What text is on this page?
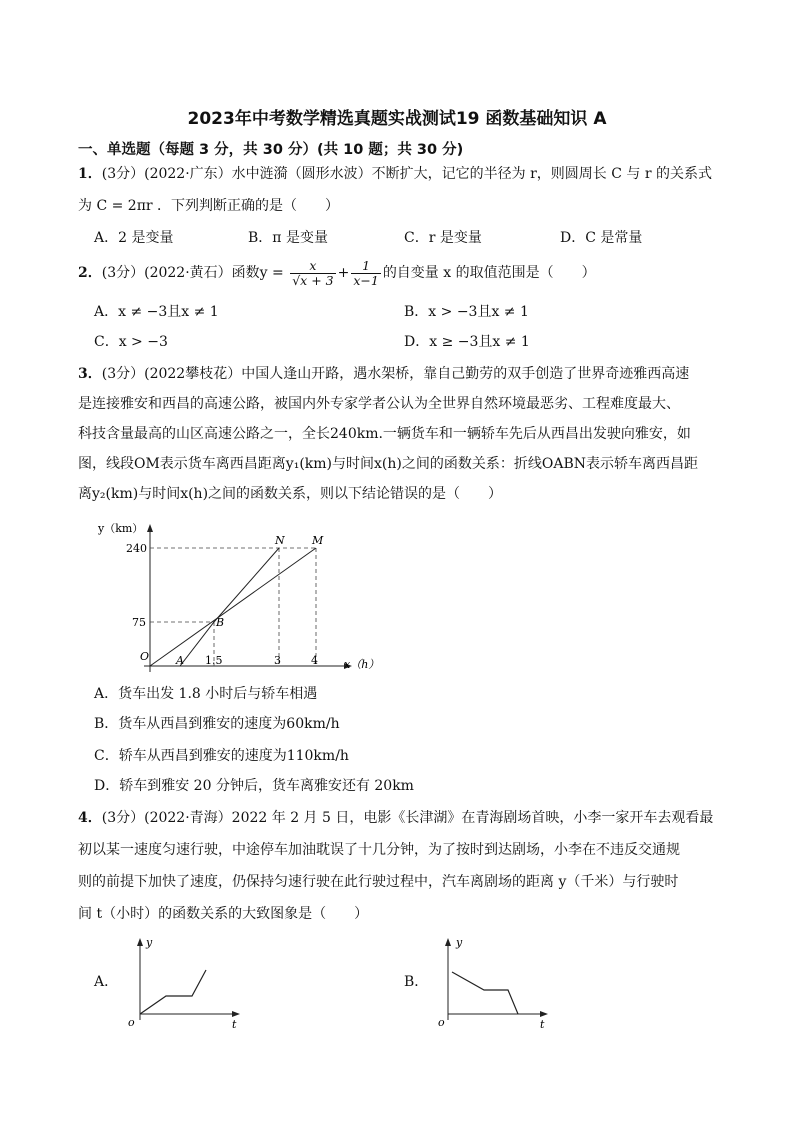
2023年中考数学精选真题实战测试19 函数基础知识 A
一、单选题（每题 3 分，共 30 分）(共 10 题；共 30 分)
1．(3分）(2022·广东）水中涟漪（圆形水波）不断扩大，记它的半径为 r，则圆周长 C 与 r 的关系式
为 C = 2πr ．下列判断正确的是（　　）
A．2 是变量	B．π 是变量	C．r 是变量	D．C 是常量
2．(3分）(2022·黄石）函数$y = \frac{x}{√x + 3} + \frac{1}{x-1}$ 的自变量 x 的取值范围是（　　）
A．x ≠ −3且x ≠ 1	B．x > −3且x ≠ 1
C．x > −3	D．x ≥ −3且x ≠ 1
3．(3分）(2022攀枝花）中国人逢山开路，遇水架桥，靠自己勤劳的双手创造了世界奇迹雅西高速
是连接雅安和西昌的高速公路，被国内外专家学者公认为全世界自然环境最恶劣、工程难度最大、
科技含量最高的山区高速公路之一，全长240km.一辆货车和一辆轿车先后从西昌出发驶向雅安，如
图，线段OM表示货车离西昌距离y₁(km)与时间x(h)之间的函数关系：折线OABN表示轿车离西昌距
离y₂(km)与时间x(h)之间的函数关系，则以下结论错误的是（　　）
y（km）
x（h）
240
75
1.5	3	4
O A
B
N M
A．货车出发 1.8 小时后与轿车相遇
B．货车从西昌到雅安的速度为60km/h
C．轿车从西昌到雅安的速度为110km/h
D．轿车到雅安 20 分钟后，货车离雅安还有 20km
4．(3分）(2022·青海）2022 年 2 月 5 日，电影《长津湖》在青海剧场首映，小李一家开车去观看最
初以某一速度匀速行驶，中途停车加油耽误了十几分钟，为了按时到达剧场，小李在不违反交通规
则的前提下加快了速度，仍保持匀速行驶在此行驶过程中，汽车离剧场的距离 y（千米）与行驶时
间 t（小时）的函数关系的大致图象是（　　）
A．
y
t
o
B．
y
t
o
